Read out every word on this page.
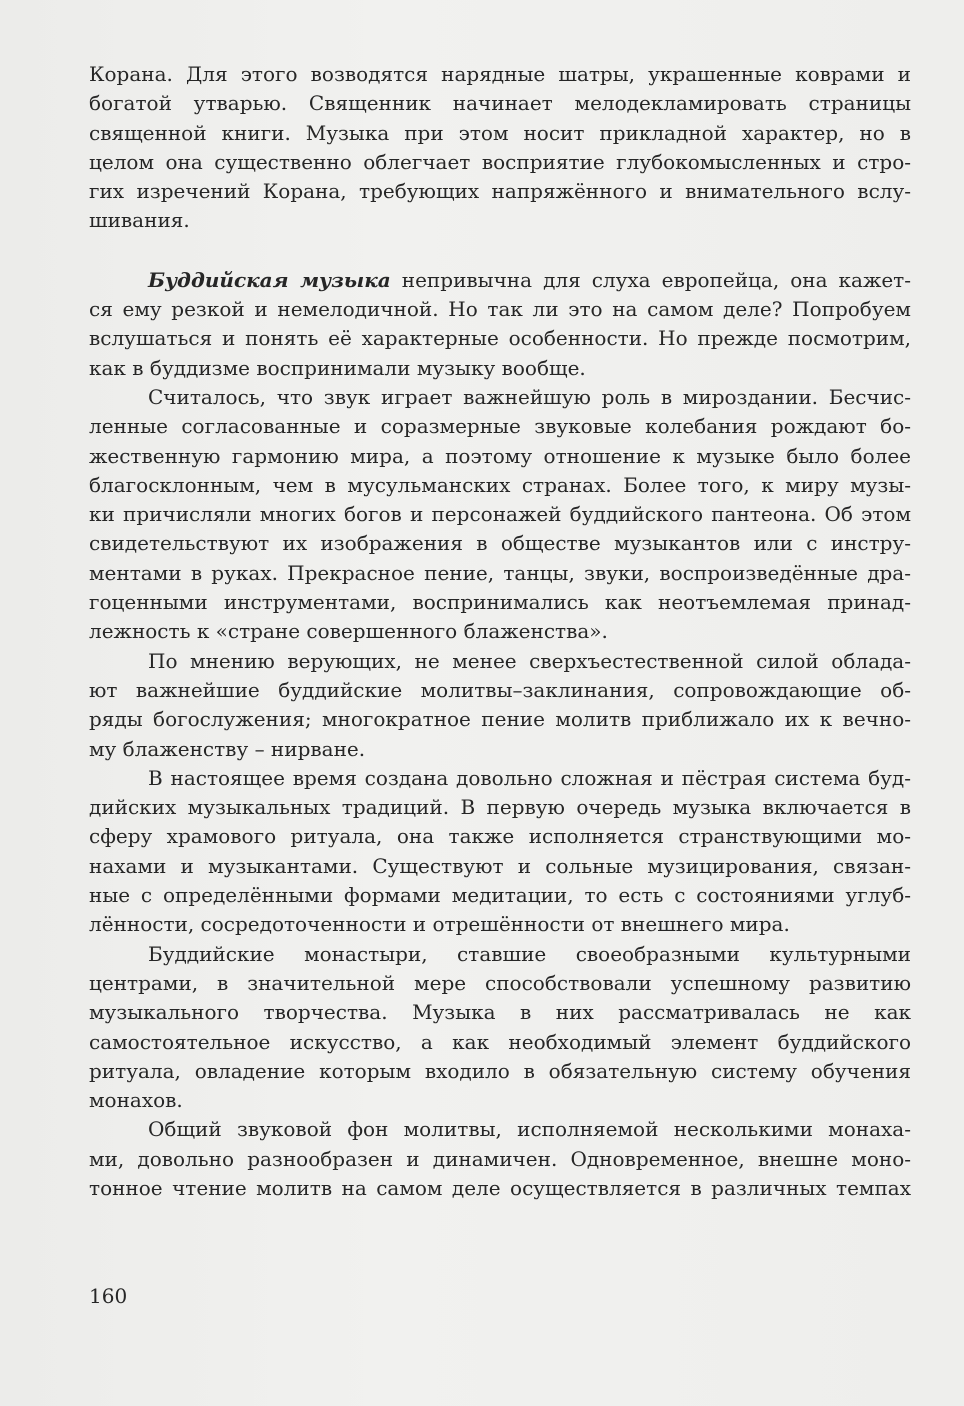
Корана. Для этого возводятся нарядные шатры, украшенные коврами и
богатой утварью. Священник начинает мелодекламировать страницы
священной книги. Музыка при этом носит прикладной характер, но в
целом она существенно облегчает восприятие глубокомысленных и стро-
гих изречений Корана, требующих напряжённого и внимательного вслу-
шивания.
Буддийская музыка непривычна для слуха европейца, она кажет-
ся ему резкой и немелодичной. Но так ли это на самом деле? Попробуем
вслушаться и понять её характерные особенности. Но прежде посмотрим,
как в буддизме воспринимали музыку вообще.
Считалось, что звук играет важнейшую роль в мироздании. Бесчис-
ленные согласованные и соразмерные звуковые колебания рождают бо-
жественную гармонию мира, а поэтому отношение к музыке было более
благосклонным, чем в мусульманских странах. Более того, к миру музы-
ки причисляли многих богов и персонажей буддийского пантеона. Об этом
свидетельствуют их изображения в обществе музыкантов или с инстру-
ментами в руках. Прекрасное пение, танцы, звуки, воспроизведённые дра-
гоценными инструментами, воспринимались как неотъемлемая принад-
лежность к «стране совершенного блаженства».
По мнению верующих, не менее сверхъестественной силой облада-
ют важнейшие буддийские молитвы–заклинания, сопровождающие об-
ряды богослужения; многократное пение молитв приближало их к вечно-
му блаженству – нирване.
В настоящее время создана довольно сложная и пёстрая система буд-
дийских музыкальных традиций. В первую очередь музыка включается в
сферу храмового ритуала, она также исполняется странствующими мо-
нахами и музыкантами. Существуют и сольные музицирования, связан-
ные с определёнными формами медитации, то есть с состояниями углуб-
лённости, сосредоточенности и отрешённости от внешнего мира.
Буддийские монастыри, ставшие своеобразными культурными
центрами, в значительной мере способствовали успешному развитию
музыкального творчества. Музыка в них рассматривалась не как
самостоятельное искусство, а как необходимый элемент буддийского
ритуала, овладение которым входило в обязательную систему обучения
монахов.
Общий звуковой фон молитвы, исполняемой несколькими монаха-
ми, довольно разнообразен и динамичен. Одновременное, внешне моно-
тонное чтение молитв на самом деле осуществляется в различных темпах
160
